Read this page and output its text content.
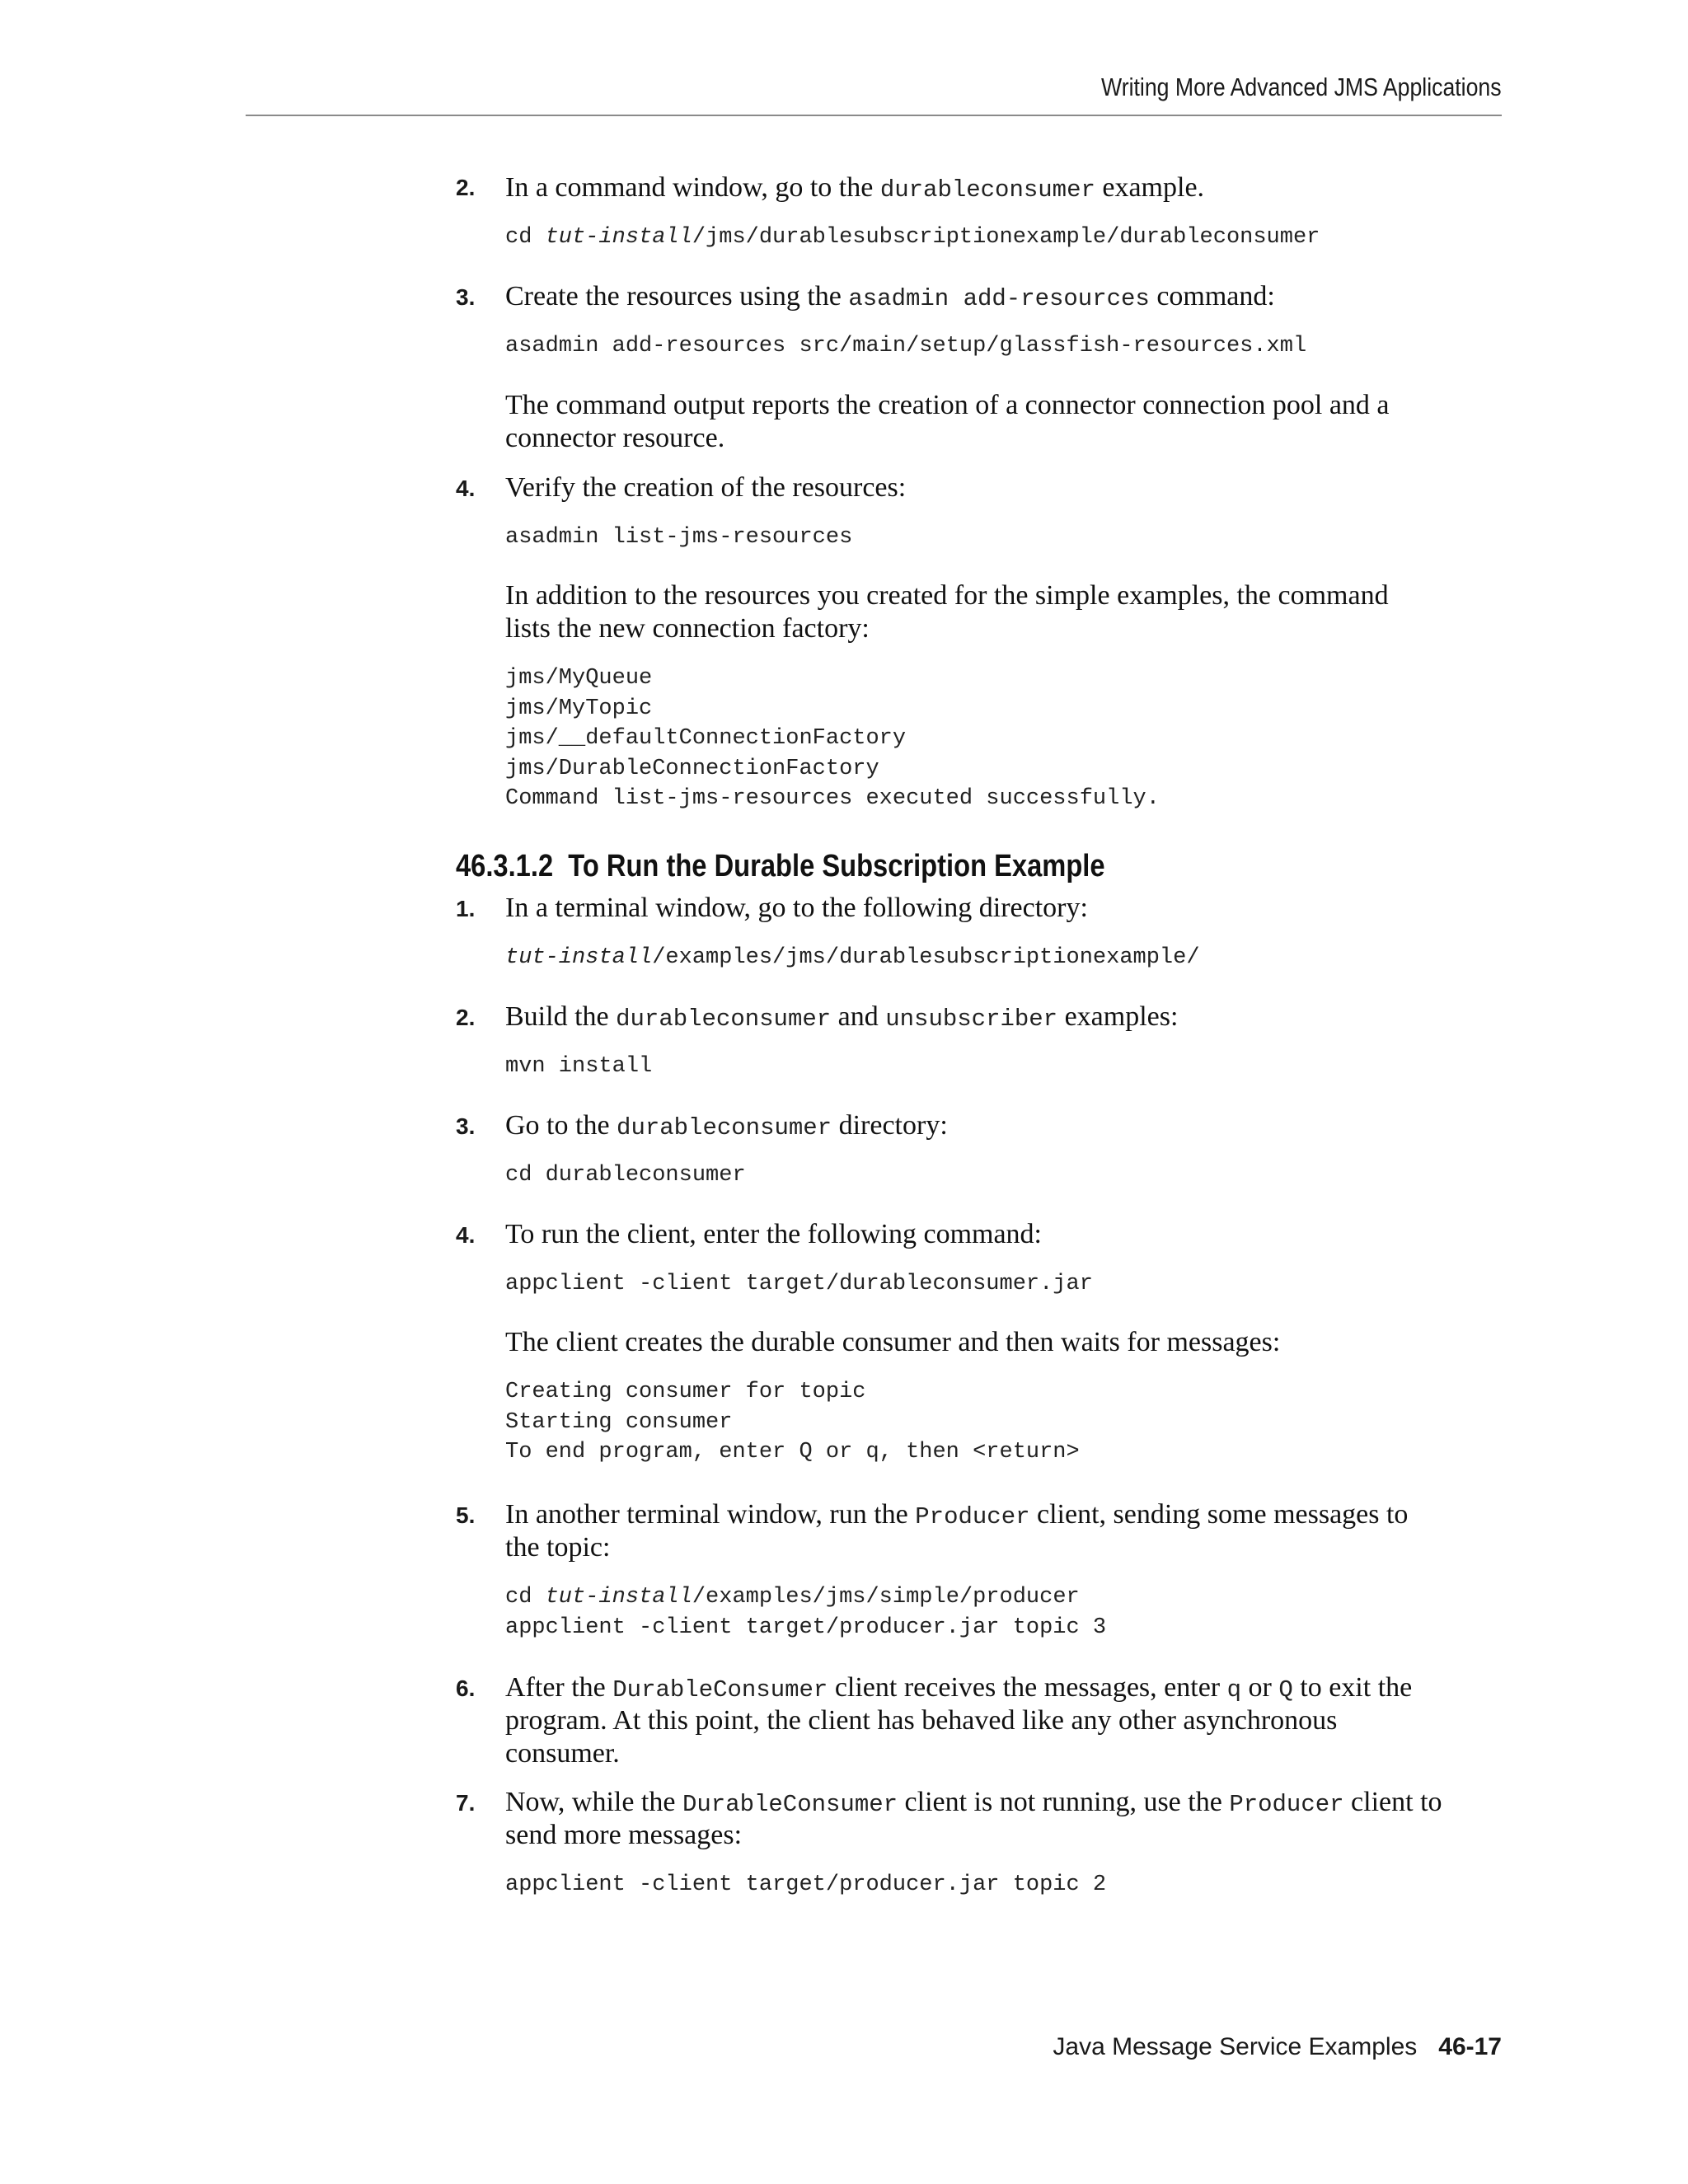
Writing More Advanced JMS Applications
2. In a command window, go to the durableconsumer example.
cd tut-install/jms/durablesubscriptionexample/durableconsumer
3. Create the resources using the asadmin add-resources command:
asadmin add-resources src/main/setup/glassfish-resources.xml
The command output reports the creation of a connector connection pool and a
connector resource.
4. Verify the creation of the resources:
asadmin list-jms-resources
In addition to the resources you created for the simple examples, the command
lists the new connection factory:
jms/MyQueue
jms/MyTopic
jms/__defaultConnectionFactory
jms/DurableConnectionFactory
Command list-jms-resources executed successfully.
46.3.1.2 To Run the Durable Subscription Example
1. In a terminal window, go to the following directory:
tut-install/examples/jms/durablesubscriptionexample/
2. Build the durableconsumer and unsubscriber examples:
mvn install
3. Go to the durableconsumer directory:
cd durableconsumer
4. To run the client, enter the following command:
appclient -client target/durableconsumer.jar
The client creates the durable consumer and then waits for messages:
Creating consumer for topic
Starting consumer
To end program, enter Q or q, then <return>
5. In another terminal window, run the Producer client, sending some messages to
the topic:
cd tut-install/examples/jms/simple/producer
appclient -client target/producer.jar topic 3
6. After the DurableConsumer client receives the messages, enter q or Q to exit the
program. At this point, the client has behaved like any other asynchronous
consumer.
7. Now, while the DurableConsumer client is not running, use the Producer client to
send more messages:
appclient -client target/producer.jar topic 2
Java Message Service Examples 46-17
